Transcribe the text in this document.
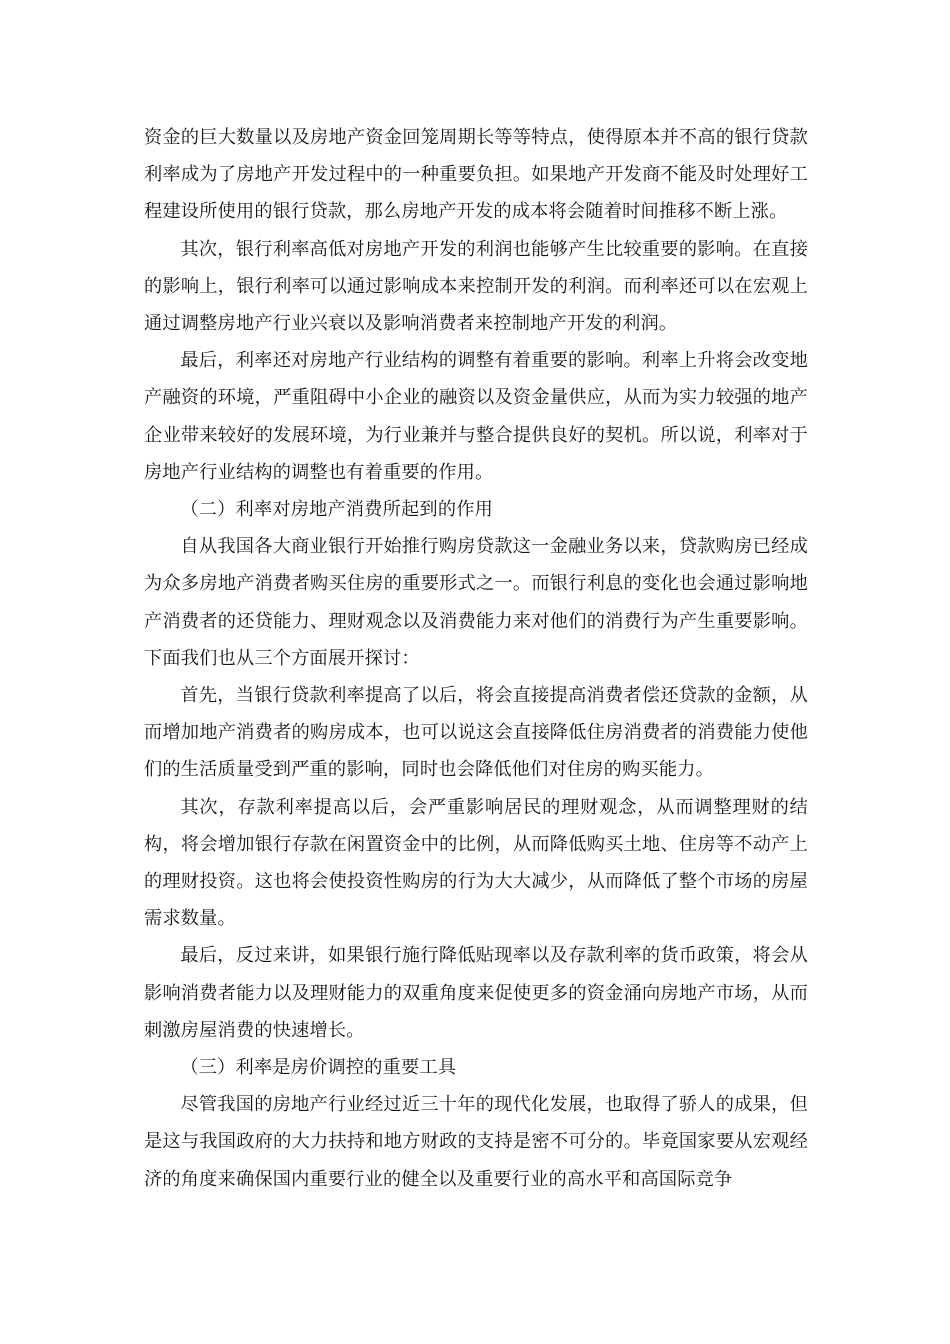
资金的巨大数量以及房地产资金回笼周期长等等特点，使得原本并不高的银行贷款利率成为了房地产开发过程中的一种重要负担。如果地产开发商不能及时处理好工程建设所使用的银行贷款，那么房地产开发的成本将会随着时间推移不断上涨。

其次，银行利率高低对房地产开发的利润也能够产生比较重要的影响。在直接的影响上，银行利率可以通过影响成本来控制开发的利润。而利率还可以在宏观上通过调整房地产行业兴衰以及影响消费者来控制地产开发的利润。

最后，利率还对房地产行业结构的调整有着重要的影响。利率上升将会改变地产融资的环境，严重阻碍中小企业的融资以及资金量供应，从而为实力较强的地产企业带来较好的发展环境，为行业兼并与整合提供良好的契机。所以说，利率对于房地产行业结构的调整也有着重要的作用。

（二）利率对房地产消费所起到的作用

自从我国各大商业银行开始推行购房贷款这一金融业务以来，贷款购房已经成为众多房地产消费者购买住房的重要形式之一。而银行利息的变化也会通过影响地产消费者的还贷能力、理财观念以及消费能力来对他们的消费行为产生重要影响。下面我们也从三个方面展开探讨：

首先，当银行贷款利率提高了以后，将会直接提高消费者偿还贷款的金额，从而增加地产消费者的购房成本，也可以说这会直接降低住房消费者的消费能力使他们的生活质量受到严重的影响，同时也会降低他们对住房的购买能力。

其次，存款利率提高以后，会严重影响居民的理财观念，从而调整理财的结构，将会增加银行存款在闲置资金中的比例，从而降低购买土地、住房等不动产上的理财投资。这也将会使投资性购房的行为大大减少，从而降低了整个市场的房屋需求数量。

最后，反过来讲，如果银行施行降低贴现率以及存款利率的货币政策，将会从影响消费者能力以及理财能力的双重角度来促使更多的资金涌向房地产市场，从而刺激房屋消费的快速增长。

（三）利率是房价调控的重要工具

尽管我国的房地产行业经过近三十年的现代化发展，也取得了骄人的成果，但是这与我国政府的大力扶持和地方财政的支持是密不可分的。毕竟国家要从宏观经济的角度来确保国内重要行业的健全以及重要行业的高水平和高国际竞争
